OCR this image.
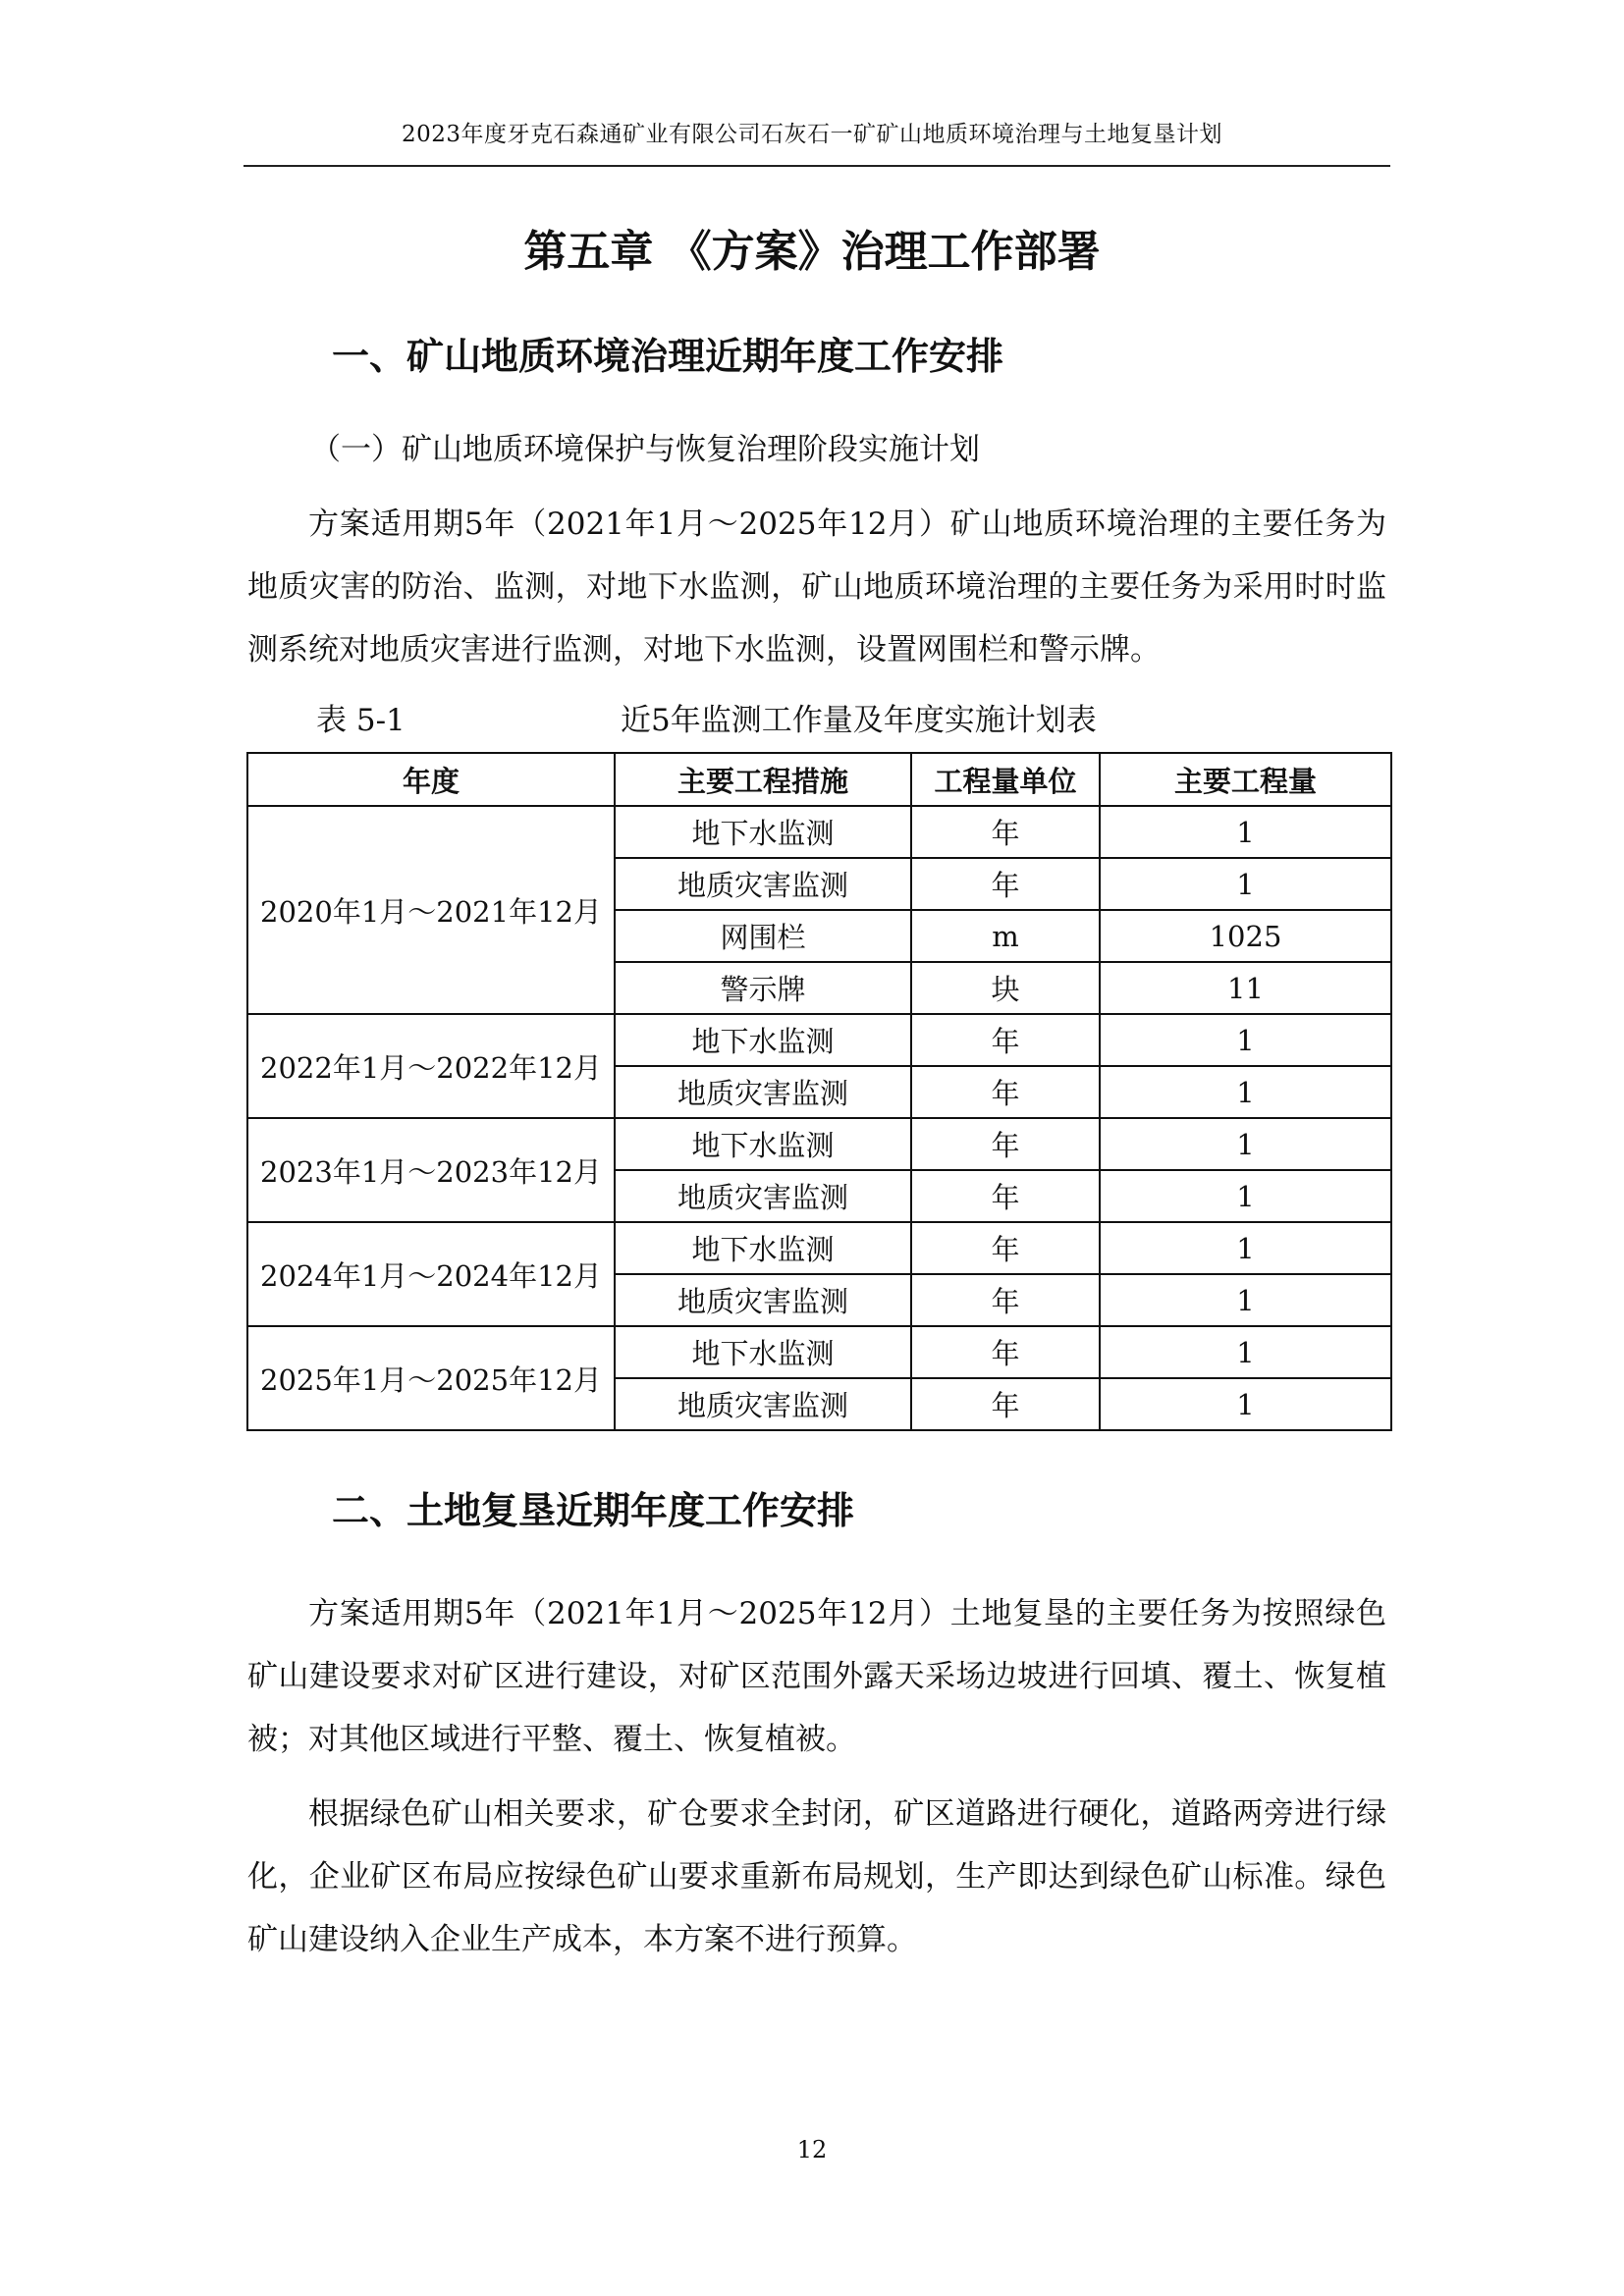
2023年度牙克石森通矿业有限公司石灰石一矿矿山地质环境治理与土地复垦计划
第五章 《方案》治理工作部署
一、矿山地质环境治理近期年度工作安排
（一）矿山地质环境保护与恢复治理阶段实施计划

方案适用期5年（2021年1月～2025年12月）矿山地质环境治理的主要任务为地质灾害的防治、监测，对地下水监测，矿山地质环境治理的主要任务为采用时时监测系统对地质灾害进行监测，对地下水监测，设置网围栏和警示牌。

表 5-1	近5年监测工作量及年度实施计划表
年度	主要工程措施	工程量单位	主要工程量
2020年1月～2021年12月	地下水监测	年	1
	地质灾害监测	年	1
	网围栏	m	1025
	警示牌	块	11
2022年1月～2022年12月	地下水监测	年	1
	地质灾害监测	年	1
2023年1月～2023年12月	地下水监测	年	1
	地质灾害监测	年	1
2024年1月～2024年12月	地下水监测	年	1
	地质灾害监测	年	1
2025年1月～2025年12月	地下水监测	年	1
	地质灾害监测	年	1
二、土地复垦近期年度工作安排

方案适用期5年（2021年1月～2025年12月）土地复垦的主要任务为按照绿色矿山建设要求对矿区进行建设，对矿区范围外露天采场边坡进行回填、覆土、恢复植被；对其他区域进行平整、覆土、恢复植被。

根据绿色矿山相关要求，矿仓要求全封闭，矿区道路进行硬化，道路两旁进行绿化，企业矿区布局应按绿色矿山要求重新布局规划，生产即达到绿色矿山标准。绿色矿山建设纳入企业生产成本，本方案不进行预算。

12
